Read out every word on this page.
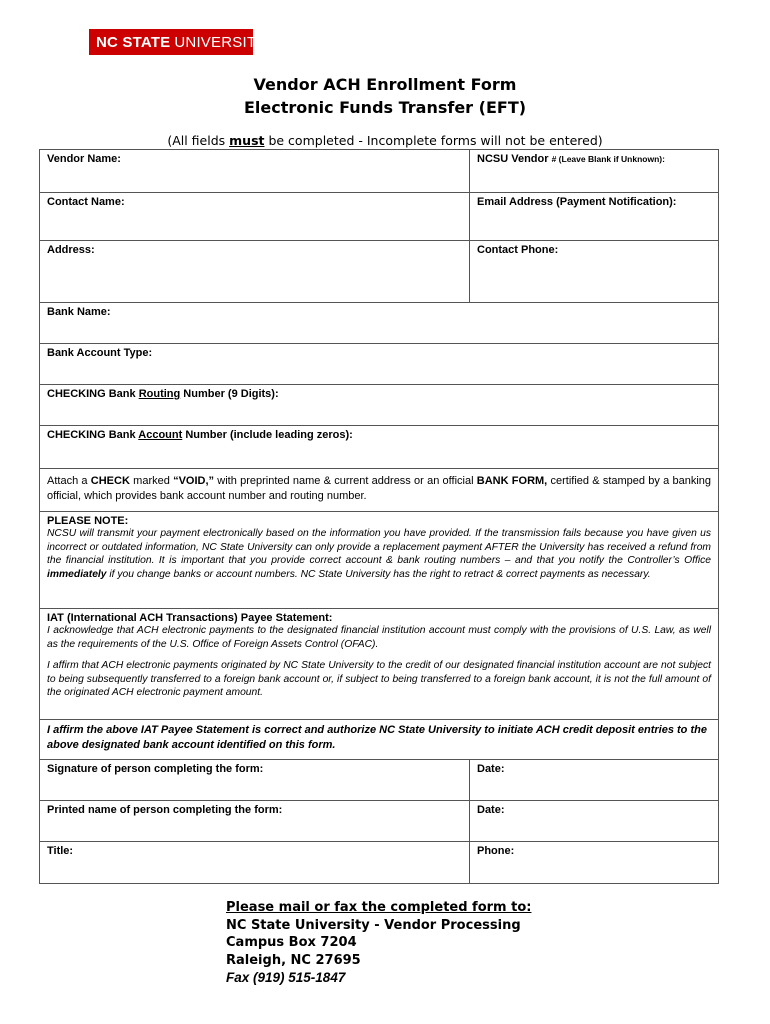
NC STATE UNIVERSITY
Vendor ACH Enrollment Form
Electronic Funds Transfer (EFT)
(All fields must be completed - Incomplete forms will not be entered)
Vendor Name:	NCSU Vendor # (Leave Blank if Unknown):
Contact Name:	Email Address (Payment Notification):
Address:	Contact Phone:
Bank Name:
Bank Account Type:
CHECKING Bank Routing Number (9 Digits):
CHECKING Bank Account Number (include leading zeros):
Attach a CHECK marked “VOID,” with preprinted name & current address or an official BANK FORM, certified & stamped by a banking official, which provides bank account number and routing number.
PLEASE NOTE:
NCSU will transmit your payment electronically based on the information you have provided. If the transmission fails because you have given us incorrect or outdated information, NC State University can only provide a replacement payment AFTER the University has received a refund from the financial institution. It is important that you provide correct account & bank routing numbers – and that you notify the Controller’s Office immediately if you change banks or account numbers. NC State University has the right to retract & correct payments as necessary.
IAT (International ACH Transactions) Payee Statement:
I acknowledge that ACH electronic payments to the designated financial institution account must comply with the provisions of U.S. Law, as well as the requirements of the U.S. Office of Foreign Assets Control (OFAC).
I affirm that ACH electronic payments originated by NC State University to the credit of our designated financial institution account are not subject to being subsequently transferred to a foreign bank account or, if subject to being transferred to a foreign bank account, it is not the full amount of the originated ACH electronic payment amount.
I affirm the above IAT Payee Statement is correct and authorize NC State University to initiate ACH credit deposit entries to the above designated bank account identified on this form.
Signature of person completing the form:	Date:
Printed name of person completing the form:	Date:
Title:	Phone:
Please mail or fax the completed form to:
NC State University - Vendor Processing
Campus Box 7204
Raleigh, NC 27695
Fax (919) 515-1847
